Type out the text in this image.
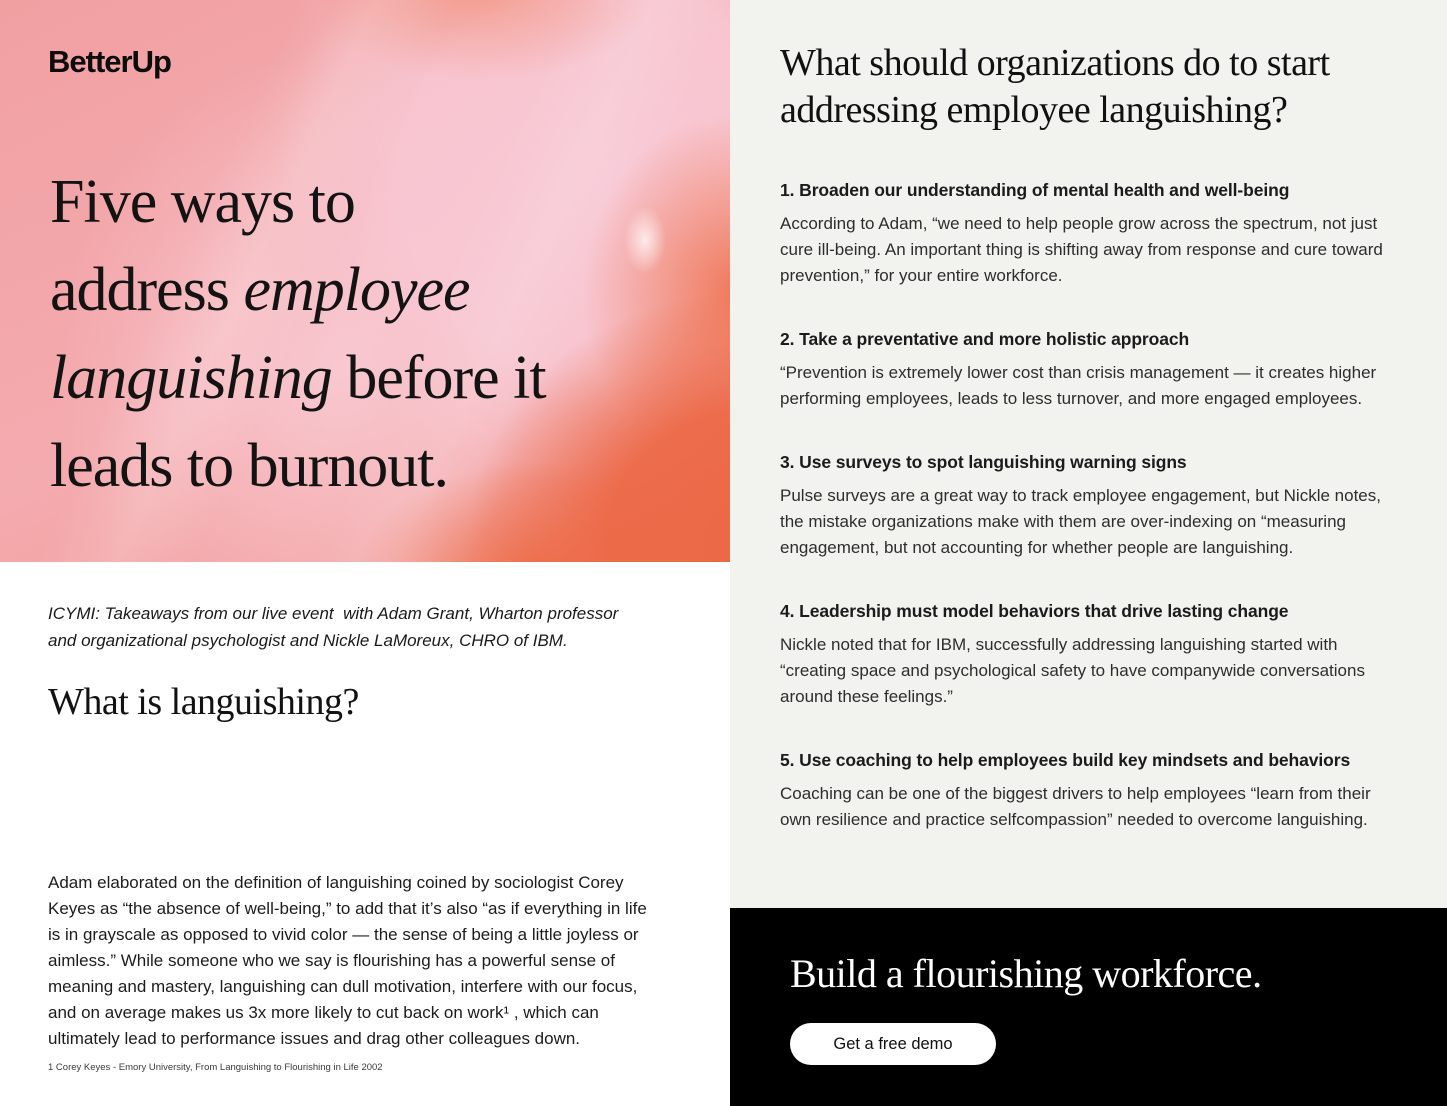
BetterUp
Five ways to
address employee
languishing before it
leads to burnout.

ICYMI: Takeaways from our live event  with Adam Grant, Wharton professor and organizational psychologist and Nickle LaMoreux, CHRO of IBM.

What is languishing?

Adam elaborated on the definition of languishing coined by sociologist Corey Keyes as “the absence of well-being,” to add that it’s also “as if everything in life is in grayscale as opposed to vivid color — the sense of being a little joyless or aimless.” While someone who we say is flourishing has a powerful sense of meaning and mastery, languishing can dull motivation, interfere with our focus, and on average makes us 3x more likely to cut back on work¹ , which can ultimately lead to performance issues and drag other colleagues down.

1 Corey Keyes - Emory University, From Languishing to Flourishing in Life 2002

What should organizations do to start addressing employee languishing?
1. Broaden our understanding of mental health and well-being
According to Adam, “we need to help people grow across the spectrum, not just cure ill-being. An important thing is shifting away from response and cure toward prevention,” for your entire workforce.
2. Take a preventative and more holistic approach
“Prevention is extremely lower cost than crisis management — it creates higher performing employees, leads to less turnover, and more engaged employees.
3. Use surveys to spot languishing warning signs
Pulse surveys are a great way to track employee engagement, but Nickle notes, the mistake organizations make with them are over-indexing on “measuring engagement, but not accounting for whether people are languishing.
4. Leadership must model behaviors that drive lasting change
Nickle noted that for IBM, successfully addressing languishing started with “creating space and psychological safety to have companywide conversations around these feelings.”
5. Use coaching to help employees build key mindsets and behaviors
Coaching can be one of the biggest drivers to help employees “learn from their own resilience and practice selfcompassion” needed to overcome languishing.
Build a flourishing workforce.
Get a free demo
